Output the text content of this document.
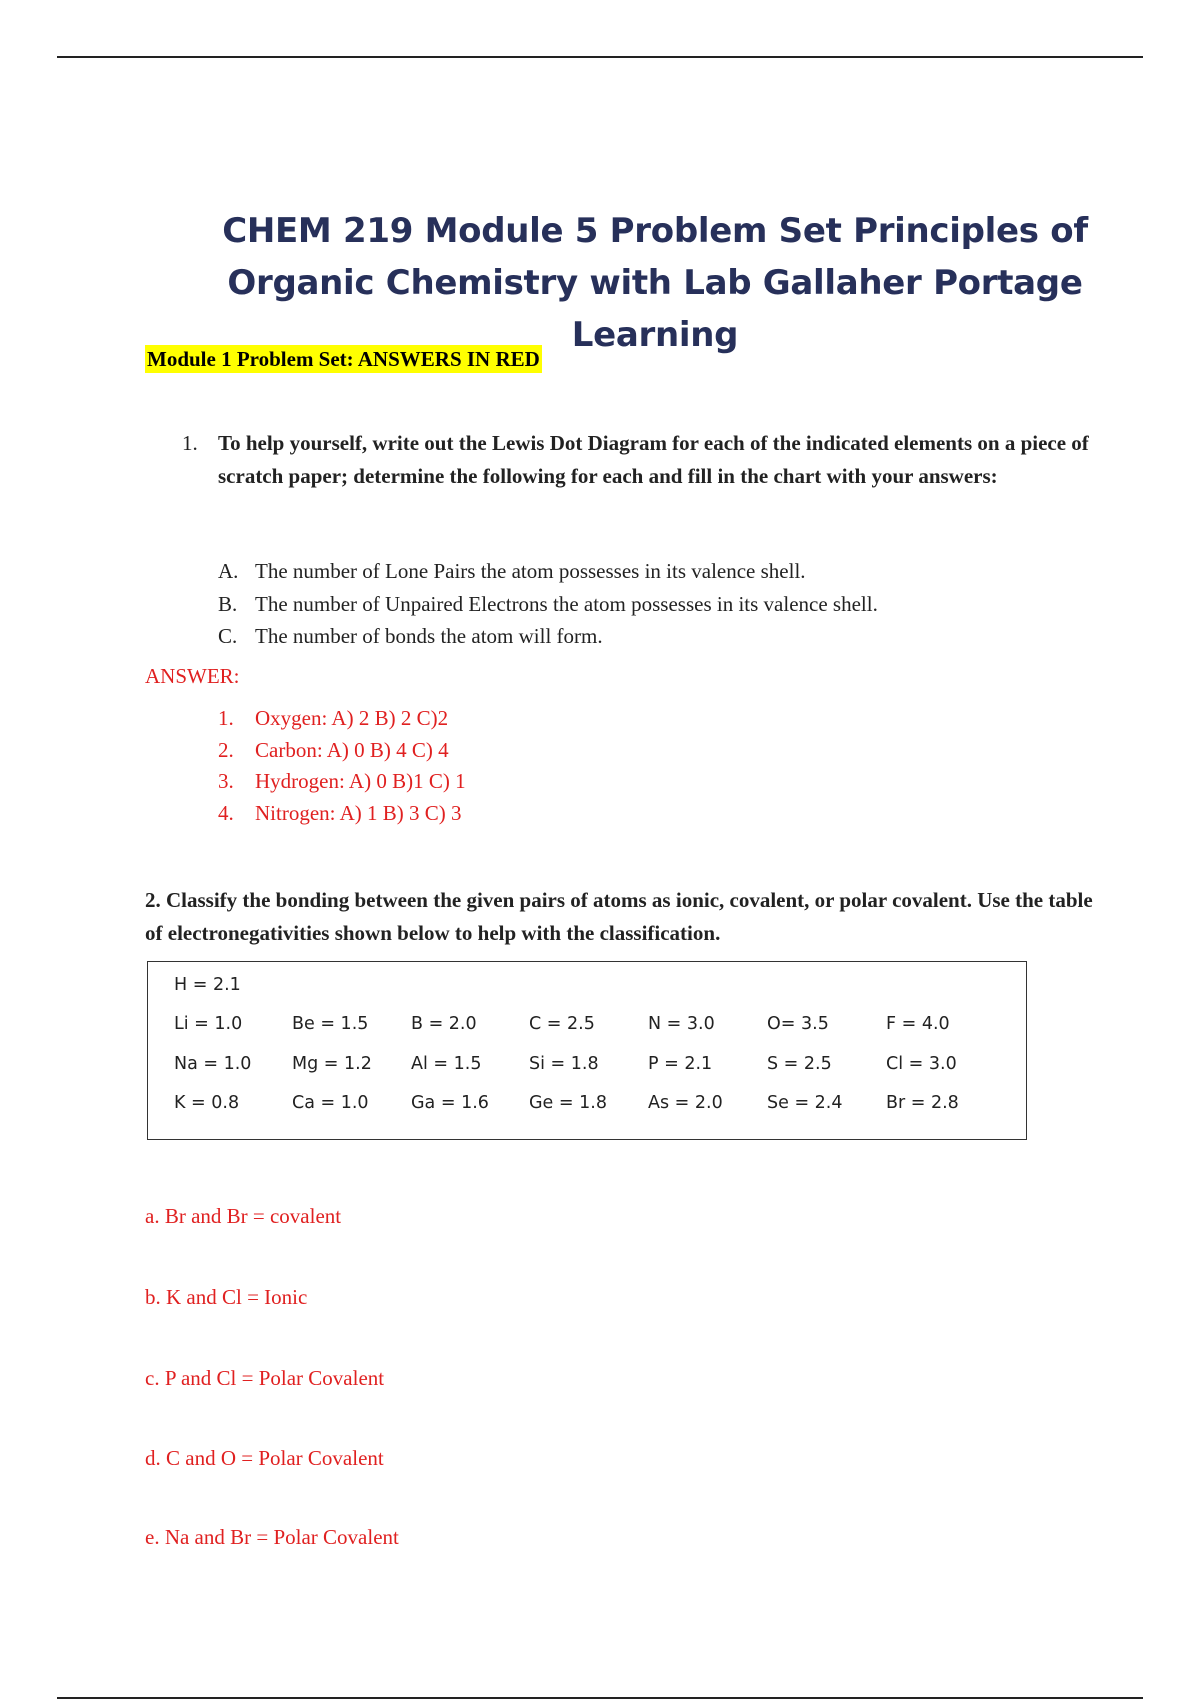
CHEM 219 Module 5 Problem Set Principles of Organic Chemistry with Lab Gallaher Portage Learning
Module 1 Problem Set: ANSWERS IN RED
1. To help yourself, write out the Lewis Dot Diagram for each of the indicated elements on a piece of scratch paper; determine the following for each and fill in the chart with your answers:
A. The number of Lone Pairs the atom possesses in its valence shell.
B. The number of Unpaired Electrons the atom possesses in its valence shell.
C. The number of bonds the atom will form.
ANSWER:
1.	Oxygen: A) 2 B) 2 C)2
2.	Carbon: A) 0 B) 4 C) 4
3.	Hydrogen: A) 0 B)1 C) 1
4.	Nitrogen: A) 1 B) 3 C) 3
2. Classify the bonding between the given pairs of atoms as ionic, covalent, or polar covalent. Use the table of electronegativities shown below to help with the classification.
H = 2.1
Li = 1.0	Be = 1.5 B = 2.0	C = 2.5	N = 3.0	O= 3.5	F = 4.0
Na = 1.0 Mg = 1.2 Al = 1.5	Si = 1.8	P = 2.1	S = 2.5	Cl = 3.0
K = 0.8	Ca = 1.0 Ga = 1.6 Ge = 1.8 As = 2.0	Se = 2.4 Br = 2.8
a. Br and Br = covalent
b. K and Cl = Ionic
c. P and Cl = Polar Covalent
d. C and O = Polar Covalent
e. Na and Br = Polar Covalent
